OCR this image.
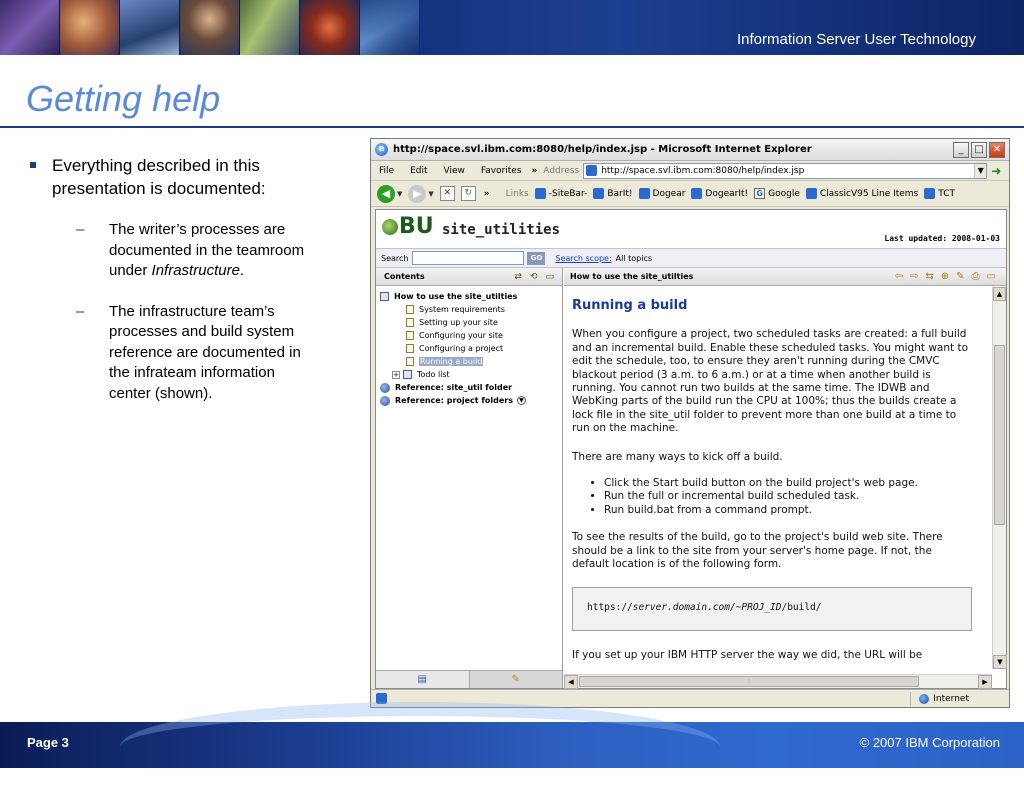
Information Server User Technology
Getting help
Everything described in this presentation is documented:
– The writer’s processes are documented in the teamroom under Infrastructure.
– The infrastructure team’s processes and build system reference are documented in the infrateam information center (shown).
e http://space.svl.ibm.com:8080/help/index.jsp - Microsoft Internet Explorer	_	□ ✕
File	Edit	View	Favorites	» Address http://space.svl.ibm.com:8080/help/index.jsp	▼ ➜
◀ ▼ ▶ ▼	✕	↻	» Links -SiteBar- BarIt! Dogear DogearIt! G Google ClassicV95 Line Items TCT
BU site_utilities
Last updated: 2008-01-03
Search	GO	Search scope: All topics
Contents	⇄ ⟲ ▭
How to use the site_utilties
System requirements
Setting up your site
Configuring your site
Configuring a project
Running a build
+ Todo list
Reference: site_util folder
Reference: project folders	▼
▤	✎
How to use the site_utilties	⇦ ⇨ ⇆ ⊕ ✎ ⎙ ▭
Running a build

When you configure a project, two scheduled tasks are created: a full build and an incremental build. Enable these scheduled tasks. You might want to edit the schedule, too, to ensure they aren't running during the CMVC blackout period (3 a.m. to 6 a.m.) or at a time when another build is running. You cannot run two builds at the same time. The IDWB and WebKing parts of the build run the CPU at 100%; thus the builds create a lock file in the site_util folder to prevent more than one build at a time to run on the machine.

There are many ways to kick off a build.

• Click the Start build button on the build project's web page.
• Run the full or incremental build scheduled task.
• Run build.bat from a command prompt.

To see the results of the build, go to the project's build web site. There should be a link to the site from your server's home page. If not, the default location is of the following form.

https://server.domain.com/~PROJ_ID/build/

If you set up your IBM HTTP server the way we did, the URL will be

▲
▼
◀	⦙	▶
Internet
Page 3	© 2007 IBM Corporation
